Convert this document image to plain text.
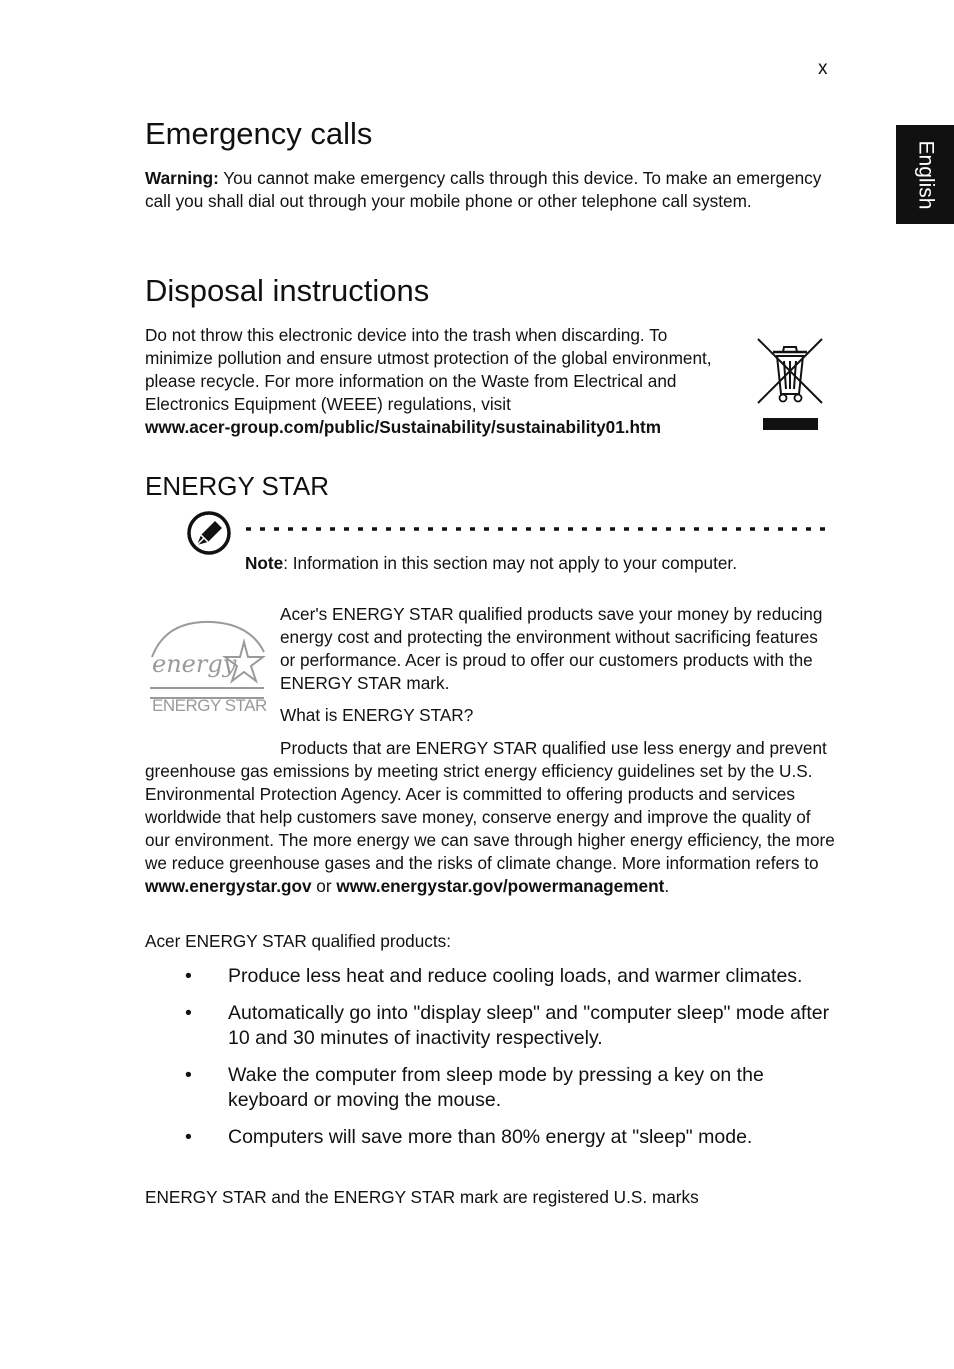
x
English
Emergency calls

Warning: You cannot make emergency calls through this device. To make an emergency call you shall dial out through your mobile phone or other telephone call system.

Disposal instructions

Do not throw this electronic device into the trash when discarding. To minimize pollution and ensure utmost protection of the global environment, please recycle. For more information on the Waste from Electrical and Electronics Equipment (WEEE) regulations, visit
www.acer-group.com/public/Sustainability/sustainability01.htm

ENERGY STAR

Note: Information in this section may not apply to your computer.

energy
ENERGY STAR

Acer's ENERGY STAR qualified products save your money by reducing energy cost and protecting the environment without sacrificing features or performance. Acer is proud to offer our customers products with the ENERGY STAR mark.

What is ENERGY STAR?

Products that are ENERGY STAR qualified use less energy and prevent greenhouse gas emissions by meeting strict energy efficiency guidelines set by the U.S. Environmental Protection Agency. Acer is committed to offering products and services worldwide that help customers save money, conserve energy and improve the quality of our environment. The more energy we can save through higher energy efficiency, the more we reduce greenhouse gases and the risks of climate change. More information refers to www.energystar.gov or www.energystar.gov/powermanagement.

Acer ENERGY STAR qualified products:

• Produce less heat and reduce cooling loads, and warmer climates.
• Automatically go into "display sleep" and "computer sleep" mode after 10 and 30 minutes of inactivity respectively.
• Wake the computer from sleep mode by pressing a key on the keyboard or moving the mouse.
• Computers will save more than 80% energy at "sleep" mode.

ENERGY STAR and the ENERGY STAR mark are registered U.S. marks
